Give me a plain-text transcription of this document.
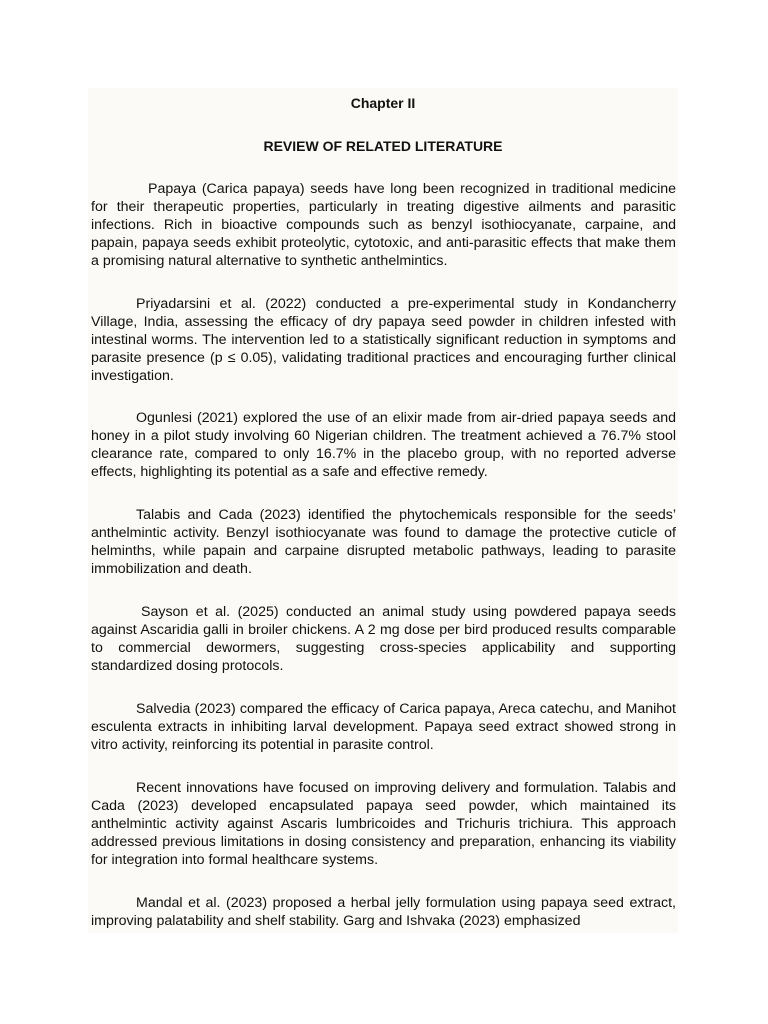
Chapter II

REVIEW OF RELATED LITERATURE

Papaya (Carica papaya) seeds have long been recognized in traditional medicine for their therapeutic properties, particularly in treating digestive ailments and parasitic infections. Rich in bioactive compounds such as benzyl isothiocyanate, carpaine, and papain, papaya seeds exhibit proteolytic, cytotoxic, and anti-parasitic effects that make them a promising natural alternative to synthetic anthelmintics.

Priyadarsini et al. (2022) conducted a pre-experimental study in Kondancherry Village, India, assessing the efficacy of dry papaya seed powder in children infested with intestinal worms. The intervention led to a statistically significant reduction in symptoms and parasite presence (p ≤ 0.05), validating traditional practices and encouraging further clinical investigation.

Ogunlesi (2021) explored the use of an elixir made from air-dried papaya seeds and honey in a pilot study involving 60 Nigerian children. The treatment achieved a 76.7% stool clearance rate, compared to only 16.7% in the placebo group, with no reported adverse effects, highlighting its potential as a safe and effective remedy.

Talabis and Cada (2023) identified the phytochemicals responsible for the seeds’ anthelmintic activity. Benzyl isothiocyanate was found to damage the protective cuticle of helminths, while papain and carpaine disrupted metabolic pathways, leading to parasite immobilization and death.

Sayson et al. (2025) conducted an animal study using powdered papaya seeds against Ascaridia galli in broiler chickens. A 2 mg dose per bird produced results comparable to commercial dewormers, suggesting cross-species applicability and supporting standardized dosing protocols.

Salvedia (2023) compared the efficacy of Carica papaya, Areca catechu, and Manihot esculenta extracts in inhibiting larval development. Papaya seed extract showed strong in vitro activity, reinforcing its potential in parasite control.

Recent innovations have focused on improving delivery and formulation. Talabis and Cada (2023) developed encapsulated papaya seed powder, which maintained its anthelmintic activity against Ascaris lumbricoides and Trichuris trichiura. This approach addressed previous limitations in dosing consistency and preparation, enhancing its viability for integration into formal healthcare systems.

Mandal et al. (2023) proposed a herbal jelly formulation using papaya seed extract, improving palatability and shelf stability. Garg and Ishvaka (2023) emphasized
